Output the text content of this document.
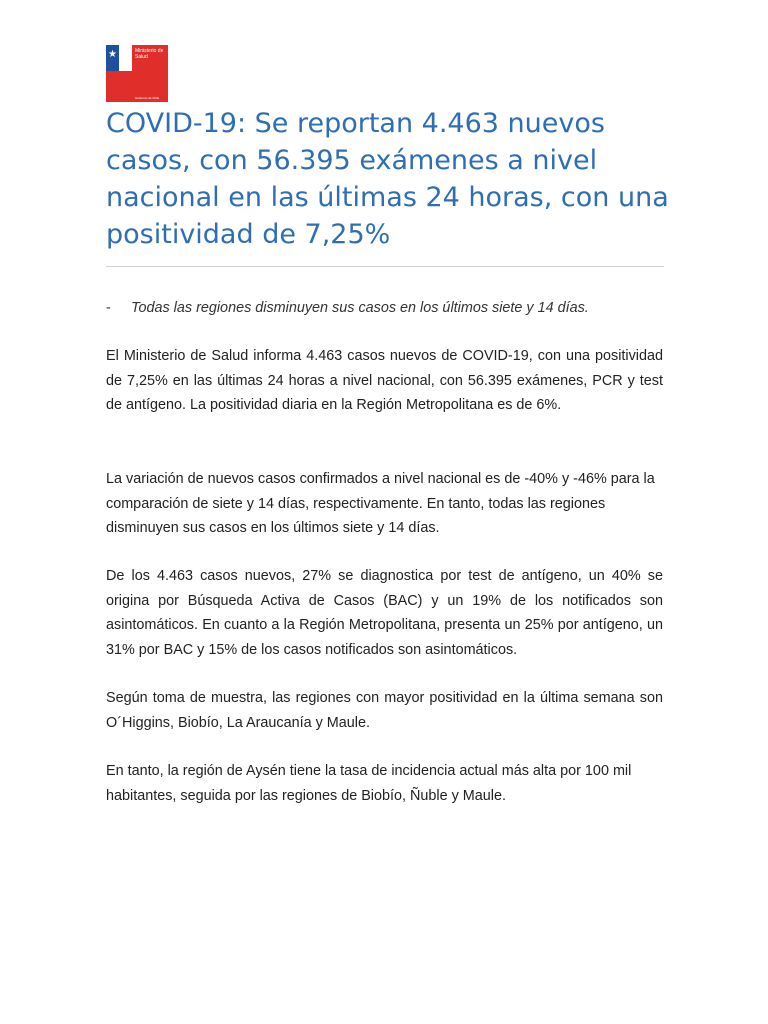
★	Ministerio de Salud
Gobierno de Chile
COVID-19: Se reportan 4.463 nuevos casos, con 56.395 exámenes a nivel nacional en las últimas 24 horas, con una positividad de 7,25%
- Todas las regiones disminuyen sus casos en los últimos siete y 14 días.

El Ministerio de Salud informa 4.463 casos nuevos de COVID-19, con una positividad de 7,25% en las últimas 24 horas a nivel nacional, con 56.395 exámenes, PCR y test de antígeno. La positividad diaria en la Región Metropolitana es de 6%.

La variación de nuevos casos confirmados a nivel nacional es de -40% y -46% para la comparación de siete y 14 días, respectivamente. En tanto, todas las regiones disminuyen sus casos en los últimos siete y 14 días.

De los 4.463 casos nuevos, 27% se diagnostica por test de antígeno, un 40% se origina por Búsqueda Activa de Casos (BAC) y un 19% de los notificados son asintomáticos. En cuanto a la Región Metropolitana, presenta un 25% por antígeno, un 31% por BAC y 15% de los casos notificados son asintomáticos.

Según toma de muestra, las regiones con mayor positividad en la última semana son O´Higgins, Biobío, La Araucanía y Maule.

En tanto, la región de Aysén tiene la tasa de incidencia actual más alta por 100 mil habitantes, seguida por las regiones de Biobío, Ñuble y Maule.
